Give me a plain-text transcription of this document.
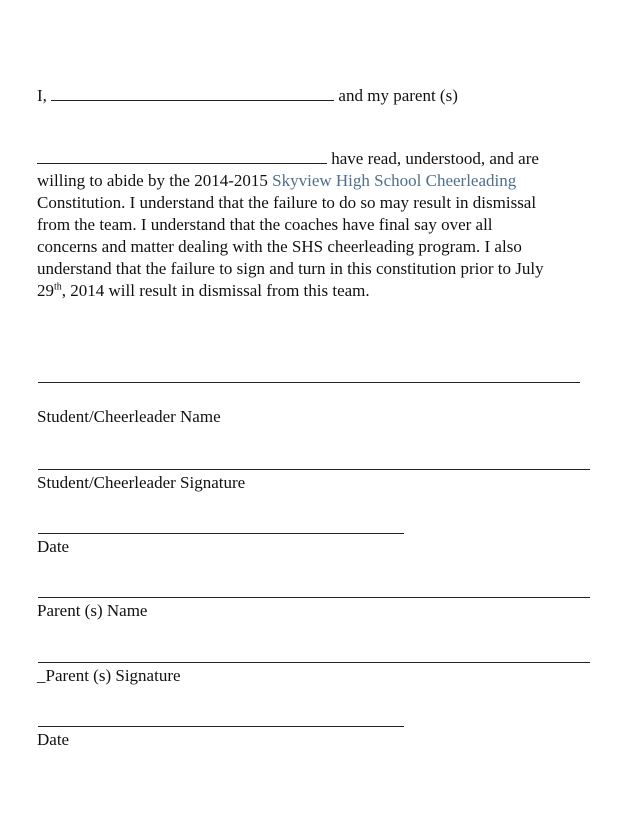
I,	and my parent (s)
have read, understood, and are
willing to abide by the 2014-2015 Skyview High School Cheerleading
Constitution. I understand that the failure to do so may result in dismissal
from the team. I understand that the coaches have final say over all
concerns and matter dealing with the SHS cheerleading program. I also
understand that the failure to sign and turn in this constitution prior to July
29th, 2014 will result in dismissal from this team.
Student/Cheerleader Name
Student/Cheerleader Signature
Date
Parent (s) Name
_Parent (s) Signature
Date
